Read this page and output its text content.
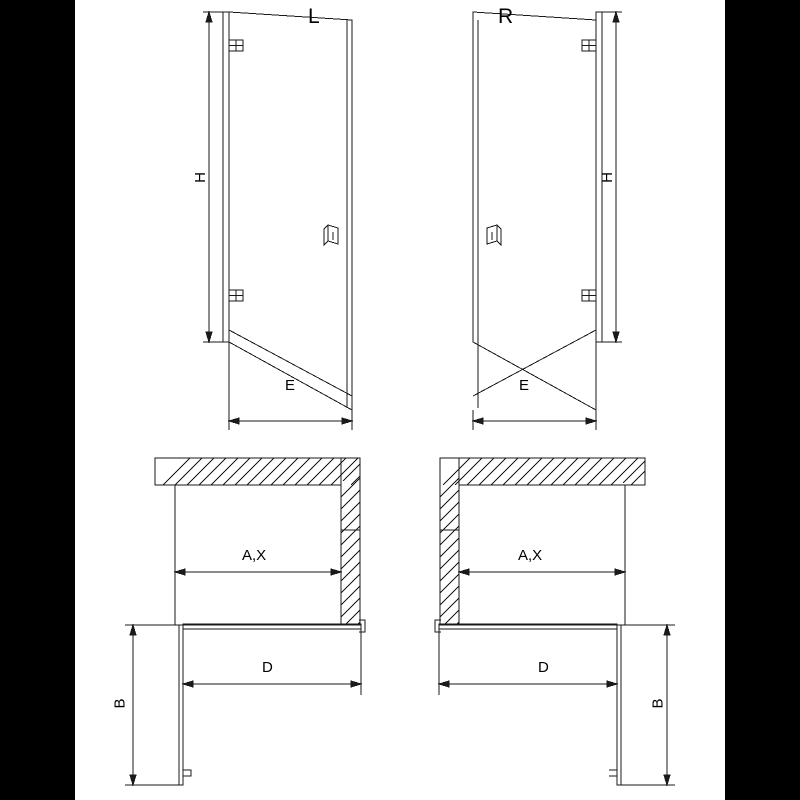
L	R
H
E
H
E
A,X
D
B
A,X
D
B
